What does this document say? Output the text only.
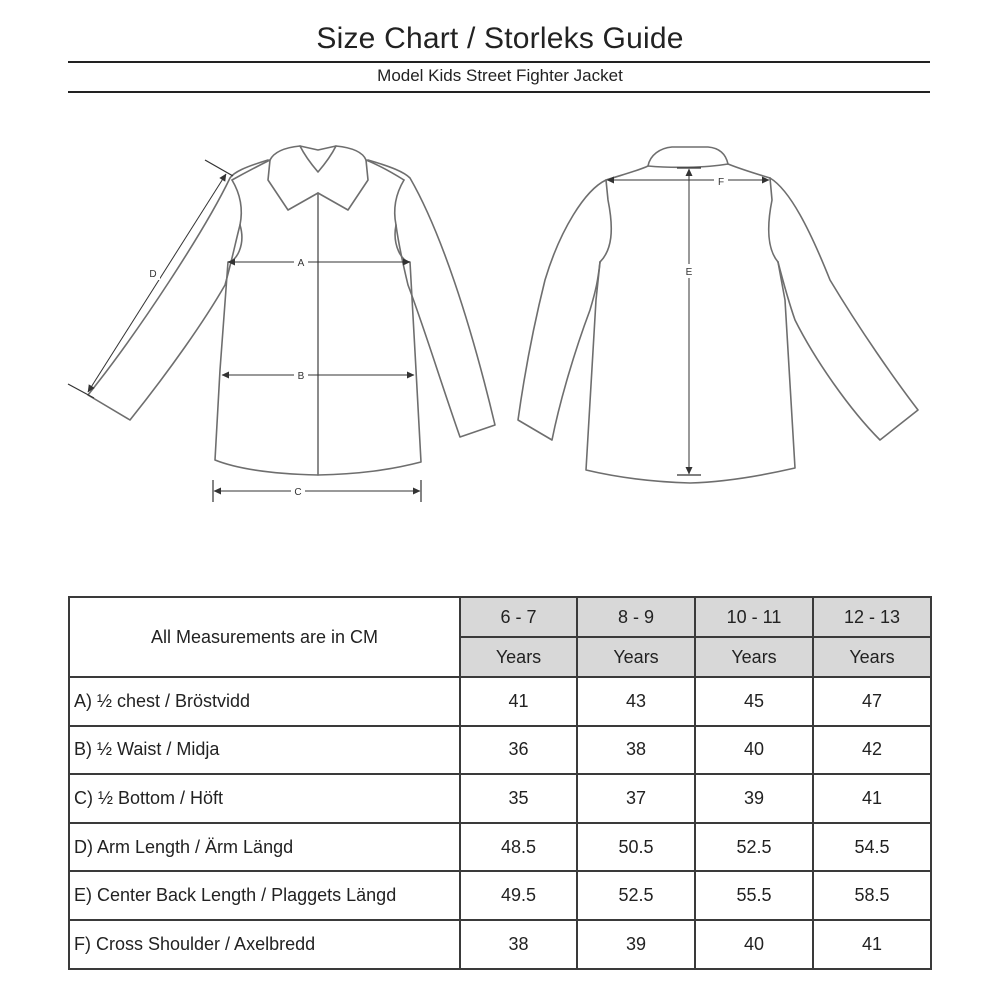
Size Chart / Storleks Guide
Model Kids Street Fighter Jacket
A
B
C
D	E
F
All Measurements are in CM	6 - 7	8 - 9	10 - 11	12 - 13
	Years	Years	Years	Years
A) ½ chest / Bröstvidd	41	43	45	47
B) ½ Waist / Midja	36	38	40	42
C) ½ Bottom / Höft	35	37	39	41
D) Arm Length / Ärm Längd	48.5	50.5	52.5	54.5
E) Center Back Length / Plaggets Längd	49.5	52.5	55.5	58.5
F) Cross Shoulder / Axelbredd	38	39	40	41
